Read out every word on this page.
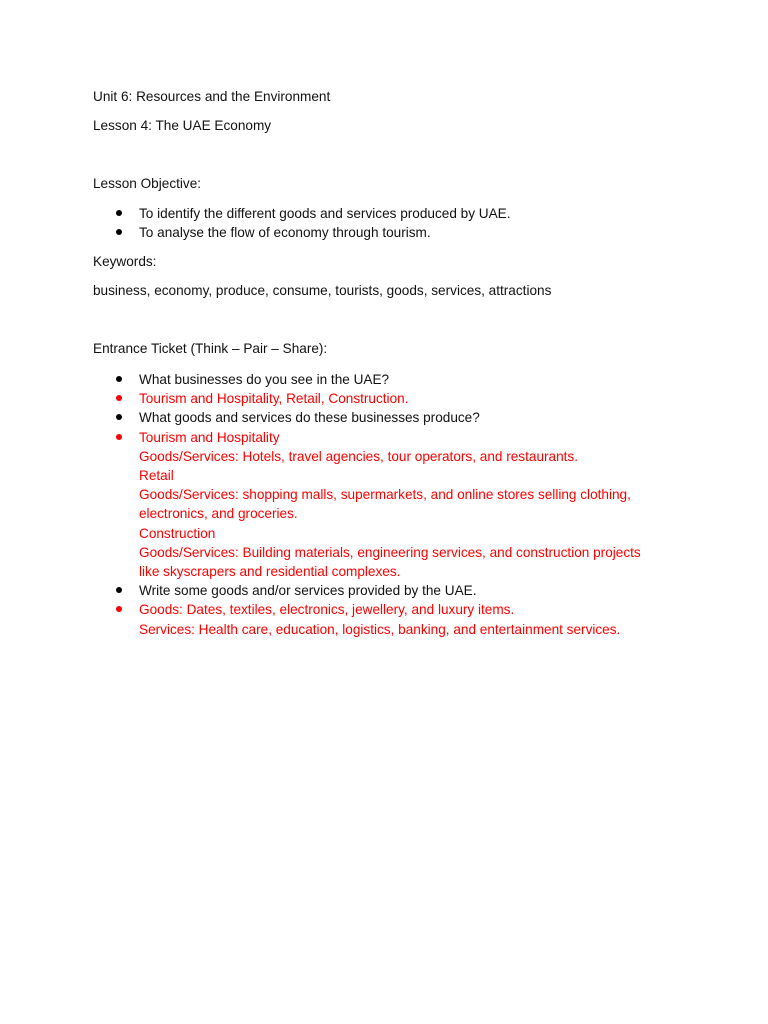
Unit 6: Resources and the Environment
Lesson 4: The UAE Economy
Lesson Objective:
To identify the different goods and services produced by UAE.
To analyse the flow of economy through tourism.
Keywords:
business, economy, produce, consume, tourists, goods, services, attractions
Entrance Ticket (Think – Pair – Share):
What businesses do you see in the UAE?
Tourism and Hospitality, Retail, Construction.
What goods and services do these businesses produce?
Tourism and Hospitality
Goods/Services: Hotels, travel agencies, tour operators, and restaurants.
Retail
Goods/Services: shopping malls, supermarkets, and online stores selling clothing,
electronics, and groceries.
Construction
Goods/Services: Building materials, engineering services, and construction projects
like skyscrapers and residential complexes.
Write some goods and/or services provided by the UAE.
Goods: Dates, textiles, electronics, jewellery, and luxury items.
Services: Health care, education, logistics, banking, and entertainment services.
